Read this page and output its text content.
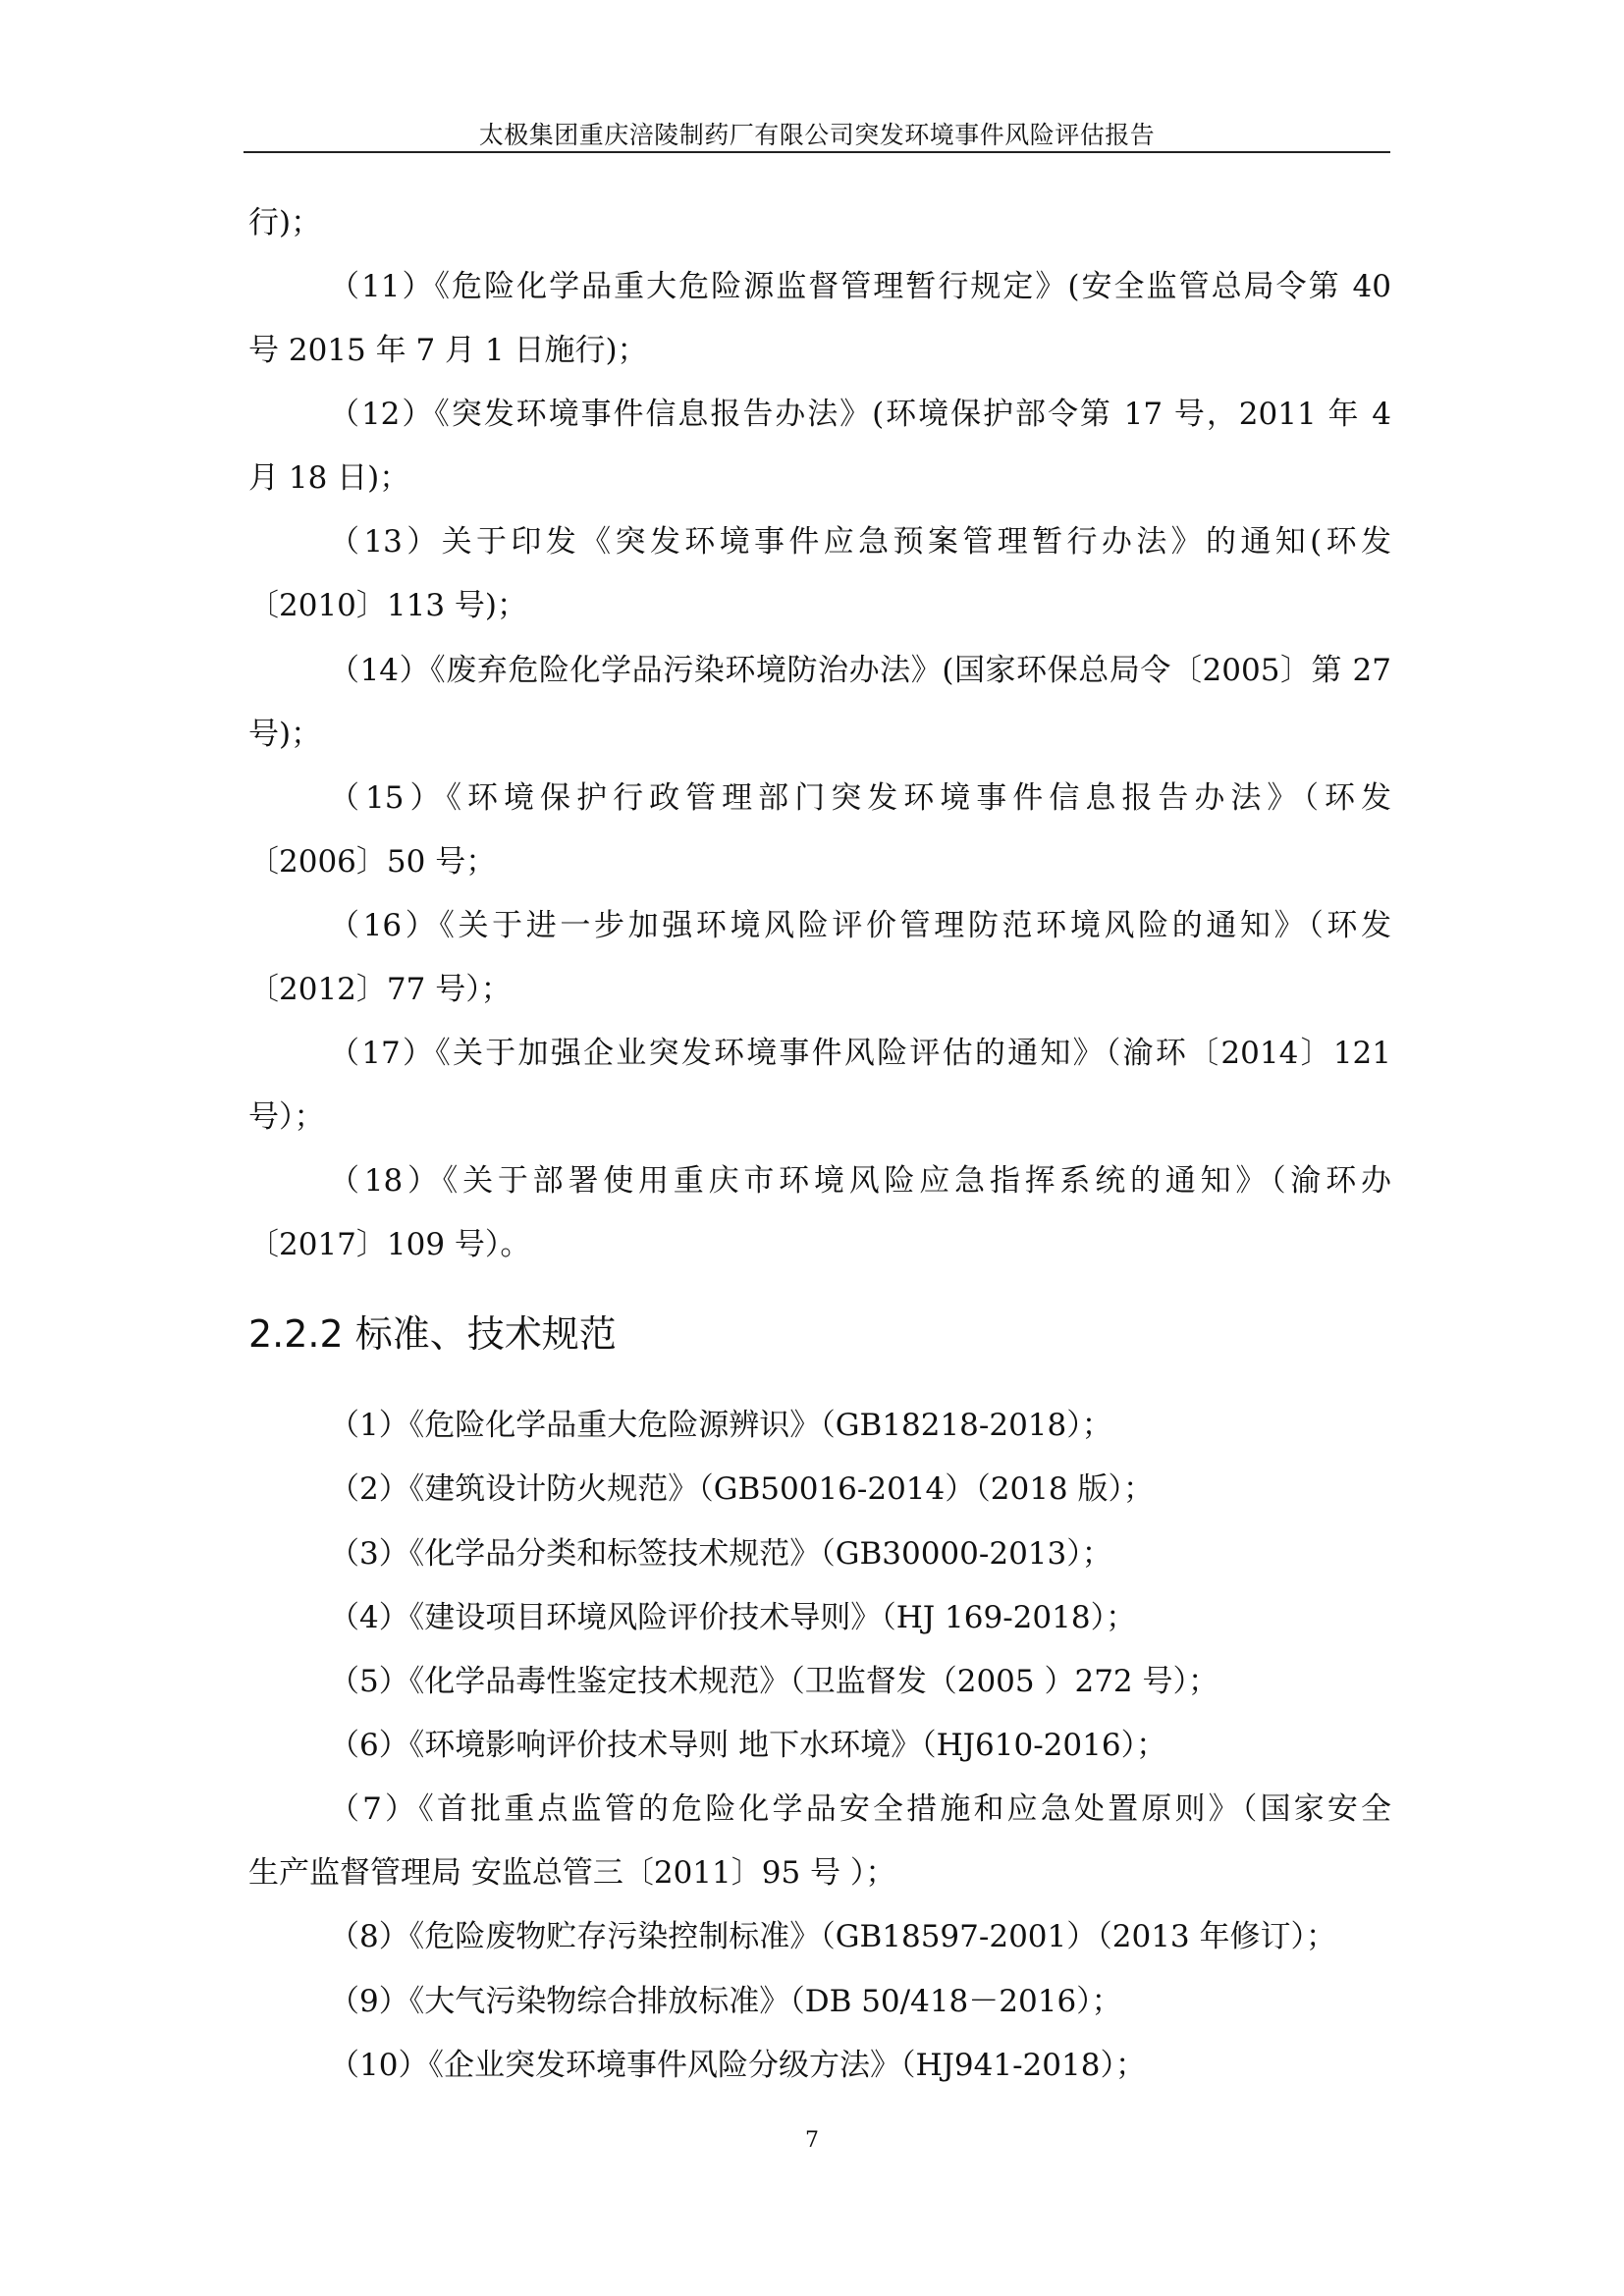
太极集团重庆涪陵制药厂有限公司突发环境事件风险评估报告
行)；
（11）《危险化学品重大危险源监督管理暂行规定》(安全监管总局令第 40
号 2015 年 7 月 1 日施行)；
（12）《突发环境事件信息报告办法》(环境保护部令第 17 号，2011 年 4
月 18 日)；
（13）关于印发《突发环境事件应急预案管理暂行办法》的通知(环发
〔2010〕113 号)；
（14）《废弃危险化学品污染环境防治办法》(国家环保总局令〔2005〕第 27
号)；
（15）《环境保护行政管理部门突发环境事件信息报告办法》（环发
〔2006〕50 号；
（16）《关于进一步加强环境风险评价管理防范环境风险的通知》（环发
〔2012〕77 号）；
（17）《关于加强企业突发环境事件风险评估的通知》（渝环〔2014〕121
号）；
（18）《关于部署使用重庆市环境风险应急指挥系统的通知》（渝环办
〔2017〕109 号）。
2.2.2 标准、技术规范
（1）《危险化学品重大危险源辨识》（GB18218-2018）；
（2）《建筑设计防火规范》（GB50016-2014）（2018 版）；
（3）《化学品分类和标签技术规范》（GB30000-2013）；
（4）《建设项目环境风险评价技术导则》（HJ 169-2018）；
（5）《化学品毒性鉴定技术规范》（卫监督发（2005 ）272 号）；
（6）《环境影响评价技术导则 地下水环境》（HJ610-2016）；
（7）《首批重点监管的危险化学品安全措施和应急处置原则》（国家安全
生产监督管理局 安监总管三〔2011〕95 号 ）；
（8）《危险废物贮存污染控制标准》（GB18597-2001）（2013 年修订）；
（9）《大气污染物综合排放标准》（DB 50/418－2016）；
（10）《企业突发环境事件风险分级方法》（HJ941-2018）；
7
